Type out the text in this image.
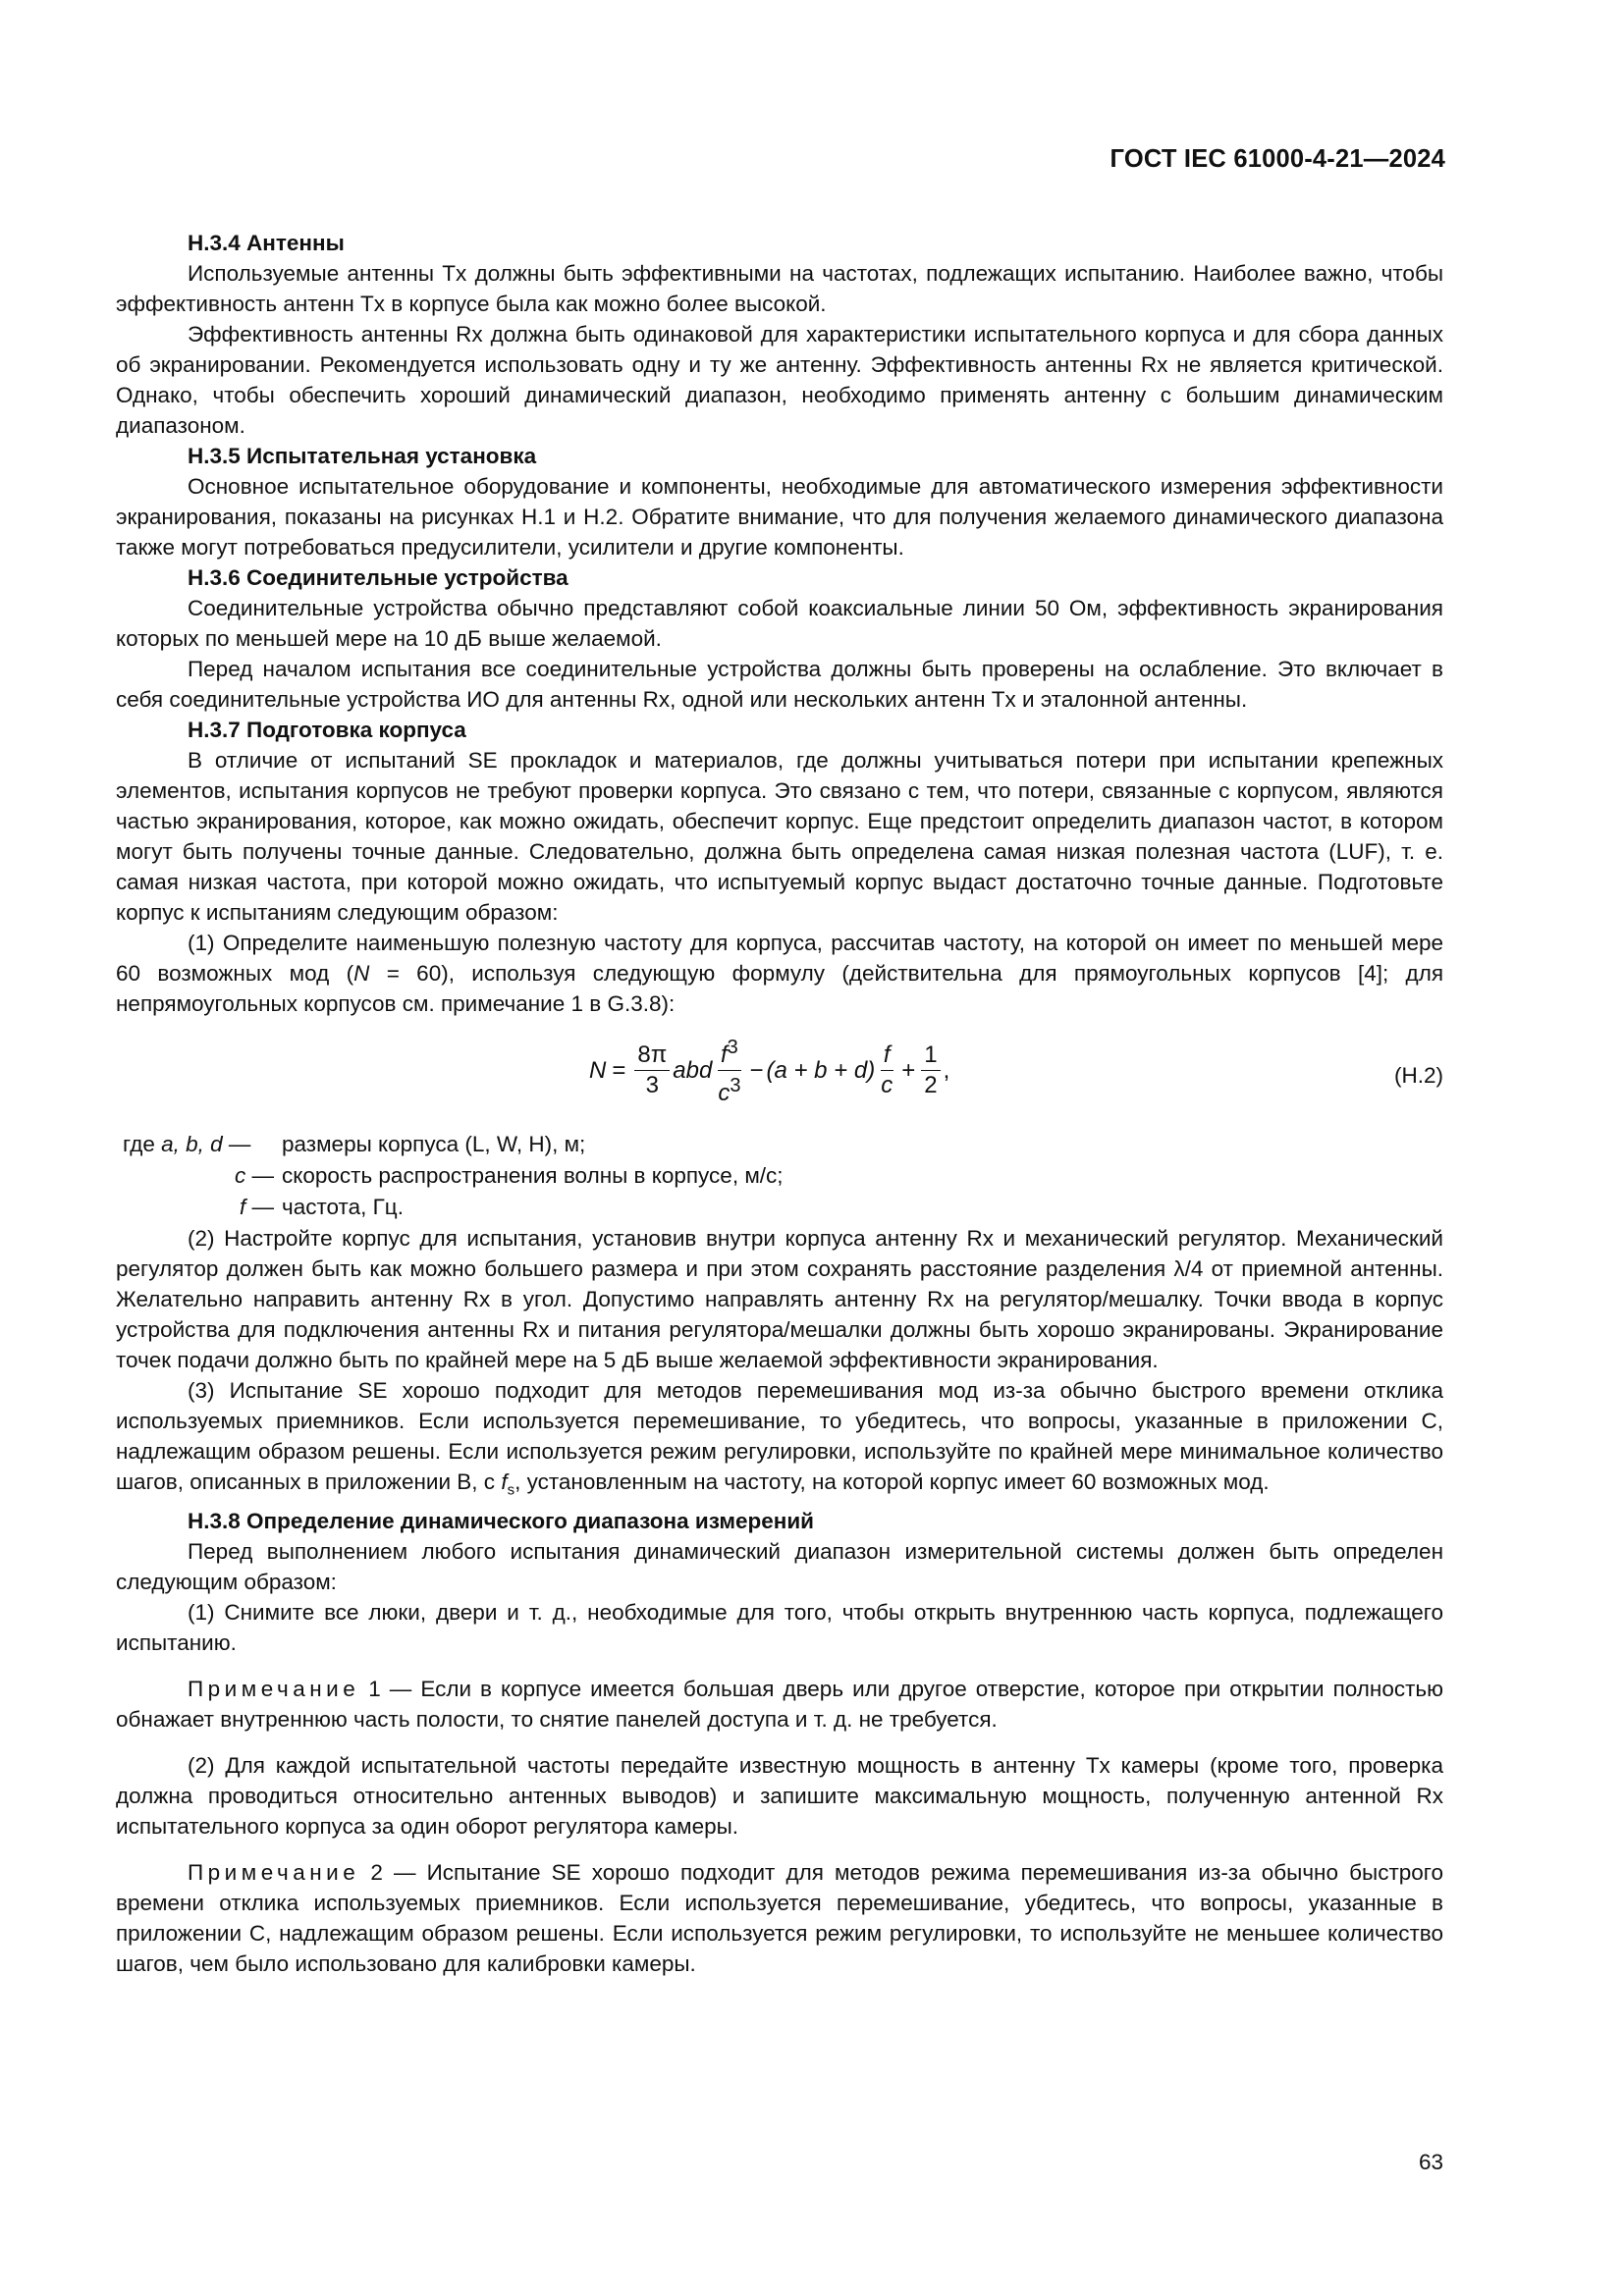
ГОСТ IEC 61000-4-21—2024

H.3.4 Антенны

Используемые антенны Tx должны быть эффективными на частотах, подлежащих испытанию. Наиболее важно, чтобы эффективность антенн Tx в корпусе была как можно более высокой.

Эффективность антенны Rx должна быть одинаковой для характеристики испытательного корпуса и для сбора данных об экранировании. Рекомендуется использовать одну и ту же антенну. Эффективность антенны Rx не является критической. Однако, чтобы обеспечить хороший динамический диапазон, необходимо применять антенну с большим динамическим диапазоном.

H.3.5 Испытательная установка

Основное испытательное оборудование и компоненты, необходимые для автоматического измерения эффективности экранирования, показаны на рисунках H.1 и H.2. Обратите внимание, что для получения желаемого динамического диапазона также могут потребоваться предусилители, усилители и другие компоненты.

H.3.6 Соединительные устройства

Соединительные устройства обычно представляют собой коаксиальные линии 50 Ом, эффективность экранирования которых по меньшей мере на 10 дБ выше желаемой.

Перед началом испытания все соединительные устройства должны быть проверены на ослабление. Это включает в себя соединительные устройства ИО для антенны Rx, одной или нескольких антенн Tx и эталонной антенны.

H.3.7 Подготовка корпуса

В отличие от испытаний SE прокладок и материалов, где должны учитываться потери при испытании крепежных элементов, испытания корпусов не требуют проверки корпуса. Это связано с тем, что потери, связанные с корпусом, являются частью экранирования, которое, как можно ожидать, обеспечит корпус. Еще предстоит определить диапазон частот, в котором могут быть получены точные данные. Следовательно, должна быть определена самая низкая полезная частота (LUF), т. е. самая низкая частота, при которой можно ожидать, что испытуемый корпус выдаст достаточно точные данные. Подготовьте корпус к испытаниям следующим образом:

(1) Определите наименьшую полезную частоту для корпуса, рассчитав частоту, на которой он имеет по меньшей мере 60 возможных мод (N = 60), используя следующую формулу (действительна для прямоугольных корпусов [4]; для непрямоугольных корпусов см. примечание 1 в G.3.8):

$N = \frac{8\pi}{3}$ abd $\frac{f^3}{c^3} - (a + b + d) \frac{f}{c} + \frac{1}{2}$ ,	(H.2)
где a, b, d —	размеры корпуса (L, W, H), м;
c — скорость распространения волны в корпусе, м/с;
f — частота, Гц.

(2) Настройте корпус для испытания, установив внутри корпуса антенну Rx и механический регулятор. Механический регулятор должен быть как можно большего размера и при этом сохранять расстояние разделения λ/4 от приемной антенны. Желательно направить антенну Rx в угол. Допустимо направлять антенну Rx на регулятор/мешалку. Точки ввода в корпус устройства для подключения антенны Rx и питания регулятора/мешалки должны быть хорошо экранированы. Экранирование точек подачи должно быть по крайней мере на 5 дБ выше желаемой эффективности экранирования.

(3) Испытание SE хорошо подходит для методов перемешивания мод из-за обычно быстрого времени отклика используемых приемников. Если используется перемешивание, то убедитесь, что вопросы, указанные в приложении C, надлежащим образом решены. Если используется режим регулировки, используйте по крайней мере минимальное количество шагов, описанных в приложении B, с $f_s$, установленным на частоту, на которой корпус имеет 60 возможных мод.

H.3.8 Определение динамического диапазона измерений

Перед выполнением любого испытания динамический диапазон измерительной системы должен быть определен следующим образом:

(1) Снимите все люки, двери и т. д., необходимые для того, чтобы открыть внутреннюю часть корпуса, подлежащего испытанию.

Примечание 1 — Если в корпусе имеется большая дверь или другое отверстие, которое при открытии полностью обнажает внутреннюю часть полости, то снятие панелей доступа и т. д. не требуется.

(2) Для каждой испытательной частоты передайте известную мощность в антенну Tx камеры (кроме того, проверка должна проводиться относительно антенных выводов) и запишите максимальную мощность, полученную антенной Rx испытательного корпуса за один оборот регулятора камеры.

Примечание 2 — Испытание SE хорошо подходит для методов режима перемешивания из-за обычно быстрого времени отклика используемых приемников. Если используется перемешивание, убедитесь, что вопросы, указанные в приложении C, надлежащим образом решены. Если используется режим регулировки, то используйте не меньшее количество шагов, чем было использовано для калибровки камеры.

63
